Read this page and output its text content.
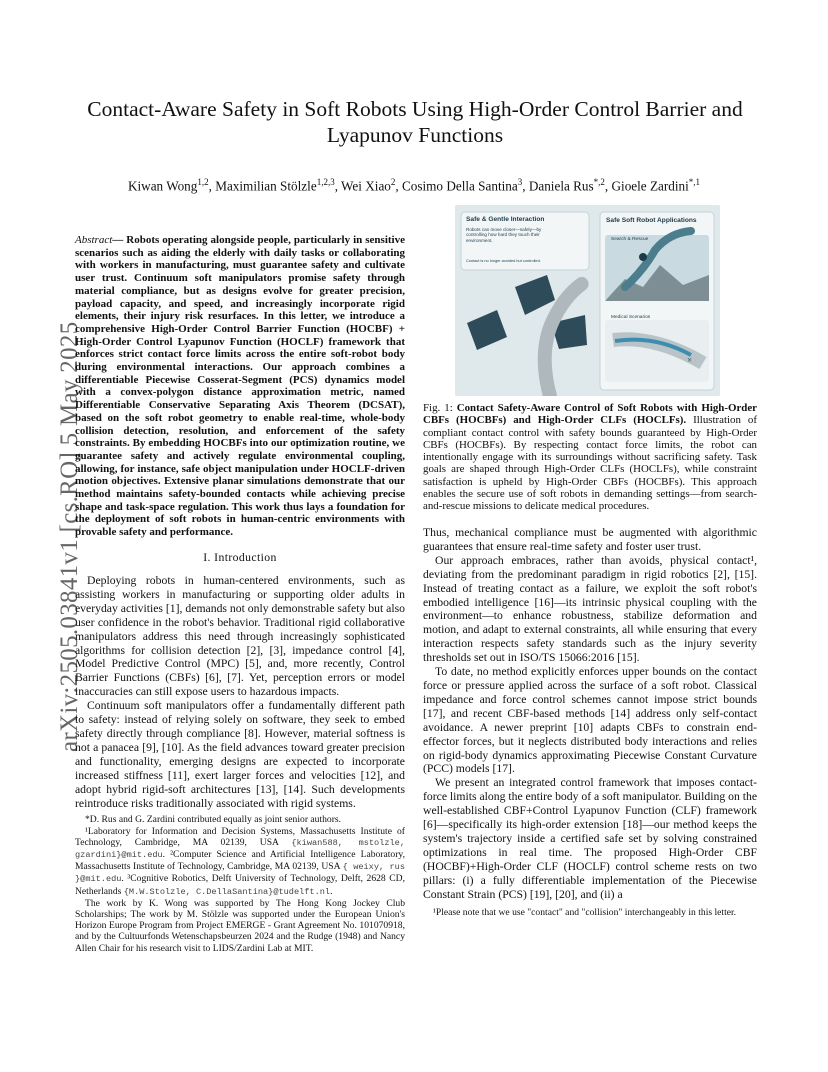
arXiv:2505.03841v1 [cs.RO] 5 May 2025
Contact-Aware Safety in Soft Robots Using High-Order Control Barrier and Lyapunov Functions
Kiwan Wong$^{1,2}$, Maximilian Stölzle$^{1,2,3}$, Wei Xiao$^2$, Cosimo Della Santina$^3$, Daniela Rus$^{*,2}$, Gioele Zardini$^{*,1}$
Abstract— Robots operating alongside people, particularly in sensitive scenarios such as aiding the elderly with daily tasks or collaborating with workers in manufacturing, must guarantee safety and cultivate user trust. Continuum soft manipulators promise safety through material compliance, but as designs evolve for greater precision, payload capacity, and speed, and increasingly incorporate rigid elements, their injury risk resurfaces. In this letter, we introduce a comprehensive High-Order Control Barrier Function (HOCBF) + High-Order Control Lyapunov Function (HOCLF) framework that enforces strict contact force limits across the entire soft-robot body during environmental interactions. Our approach combines a differentiable Piecewise Cosserat-Segment (PCS) dynamics model with a convex-polygon distance approximation metric, named Differentiable Conservative Separating Axis Theorem (DCSAT), based on the soft robot geometry to enable real-time, whole-body collision detection, resolution, and enforcement of the safety constraints. By embedding HOCBFs into our optimization routine, we guarantee safety and actively regulate environmental coupling, allowing, for instance, safe object manipulation under HOCLF-driven motion objectives. Extensive planar simulations demonstrate that our method maintains safety-bounded contacts while achieving precise shape and task-space regulation. This work thus lays a foundation for the deployment of soft robots in human-centric environments with provable safety and performance.
I. Introduction

Deploying robots in human-centered environments, such as assisting workers in manufacturing or supporting older adults in everyday activities [1], demands not only demonstrable safety but also user confidence in the robot's behavior. Traditional rigid collaborative manipulators address this need through increasingly sophisticated algorithms for collision detection [2], [3], impedance control [4], Model Predictive Control (MPC) [5], and, more recently, Control Barrier Functions (CBFs) [6], [7]. Yet, perception errors or model inaccuracies can still expose users to hazardous impacts.

Continuum soft manipulators offer a fundamentally different path to safety: instead of relying solely on software, they seek to embed safety directly through compliance [8]. However, material softness is not a panacea [9], [10]. As the field advances toward greater precision and functionality, emerging designs are expected to incorporate increased stiffness [11], exert larger forces and velocities [12], and adopt hybrid rigid-soft architectures [13], [14]. Such developments reintroduce risks traditionally associated with rigid systems.

*D. Rus and G. Zardini contributed equally as joint senior authors.
¹Laboratory for Information and Decision Systems, Massachusetts Institute of Technology, Cambridge, MA 02139, USA {kiwan588, mstolzle, gzardini}@mit.edu. ²Computer Science and Artificial Intelligence Laboratory, Massachusetts Institute of Technology, Cambridge, MA 02139, USA { weixy, rus }@mit.edu. ³Cognitive Robotics, Delft University of Technology, Delft, 2628 CD, Netherlands {M.W.Stolzle, C.DellaSantina}@tudelft.nl.
The work by K. Wong was supported by The Hong Kong Jockey Club Scholarships; The work by M. Stölzle was supported under the European Union's Horizon Europe Program from Project EMERGE - Grant Agreement No. 101070918, and by the Cultuurfonds Wetenschapsbeurzen 2024 and the Rudge (1948) and Nancy Allen Chair for his research visit to LIDS/Zardini Lab at MIT.
×
Safe & Gentle Interaction
Robots can move closer—safely—by controlling how hard they touch their environment.
Contact is no longer avoided but controlled.
Safe Soft Robot Applications
Search & Rescue
Medical Scenarios
Fig. 1: Contact Safety-Aware Control of Soft Robots with High-Order CBFs (HOCBFs) and High-Order CLFs (HOCLFs). Illustration of compliant contact control with safety bounds guaranteed by High-Order CBFs (HOCBFs). By respecting contact force limits, the robot can intentionally engage with its surroundings without sacrificing safety. Task goals are shaped through High-Order CLFs (HOCLFs), while constraint satisfaction is upheld by High-Order CBFs (HOCBFs). This approach enables the secure use of soft robots in demanding settings—from search-and-rescue missions to delicate medical procedures.

Thus, mechanical compliance must be augmented with algorithmic guarantees that ensure real-time safety and foster user trust.

Our approach embraces, rather than avoids, physical contact¹, deviating from the predominant paradigm in rigid robotics [2], [15]. Instead of treating contact as a failure, we exploit the soft robot's embodied intelligence [16]—its intrinsic physical coupling with the environment—to enhance robustness, stabilize deformation and motion, and adapt to external constraints, all while ensuring that every interaction respects safety standards such as the injury severity thresholds set out in ISO/TS 15066:2016 [15].

To date, no method explicitly enforces upper bounds on the contact force or pressure applied across the surface of a soft robot. Classical impedance and force control schemes cannot impose strict bounds [17], and recent CBF-based methods [14] address only self-contact avoidance. A newer preprint [10] adapts CBFs to constrain end-effector forces, but it neglects distributed body interactions and relies on rigid-body dynamics approximating Piecewise Constant Curvature (PCC) models [17].

We present an integrated control framework that imposes contact-force limits along the entire body of a soft manipulator. Building on the well-established CBF+Control Lyapunov Function (CLF) framework [6]—specifically its high-order extension [18]—our method keeps the system's trajectory inside a certified safe set by solving constrained optimizations in real time. The proposed High-Order CBF (HOCBF)+High-Order CLF (HOCLF) control scheme rests on two pillars: (i) a fully differentiable implementation of the Piecewise Constant Strain (PCS) [19], [20], and (ii) a

¹Please note that we use "contact" and "collision" interchangeably in this letter.
